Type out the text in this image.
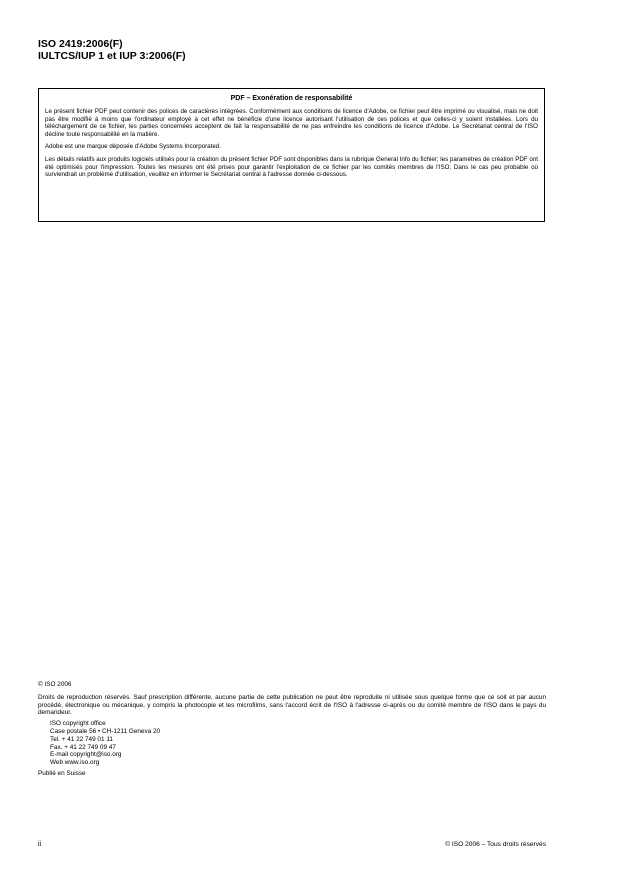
ISO 2419:2006(F)
IULTCS/IUP 1 et IUP 3:2006(F)
PDF – Exonération de responsabilité

Le présent fichier PDF peut contenir des polices de caractères intégrées. Conformément aux conditions de licence d'Adobe, ce fichier peut être imprimé ou visualisé, mais ne doit pas être modifié à moins que l'ordinateur employé à cet effet ne bénéficie d'une licence autorisant l'utilisation de ces polices et que celles-ci y soient installées. Lors du téléchargement de ce fichier, les parties concernées acceptent de fait la responsabilité de ne pas enfreindre les conditions de licence d'Adobe. Le Secrétariat central de l'ISO décline toute responsabilité en la matière.

Adobe est une marque déposée d'Adobe Systems Incorporated.

Les détails relatifs aux produits logiciels utilisés pour la création du présent fichier PDF sont disponibles dans la rubrique General Info du fichier; les paramètres de création PDF ont été optimisés pour l'impression. Toutes les mesures ont été prises pour garantir l'exploitation de ce fichier par les comités membres de l'ISO. Dans le cas peu probable où surviendrait un problème d'utilisation, veuillez en informer le Secrétariat central à l'adresse donnée ci-dessous.

© ISO 2006
Droits de reproduction réservés. Sauf prescription différente, aucune partie de cette publication ne peut être reproduite ni utilisée sous quelque forme que ce soit et par aucun procédé, électronique ou mécanique, y compris la photocopie et les microfilms, sans l'accord écrit de l'ISO à l'adresse ci-après ou du comité membre de l'ISO dans le pays du demandeur.
ISO copyright office
Case postale 56 • CH-1211 Geneva 20
Tel. + 41 22 749 01 11
Fax. + 41 22 749 09 47
E-mail copyright@iso.org
Web www.iso.org
Publié en Suisse
ii	© ISO 2006 – Tous droits réservés
